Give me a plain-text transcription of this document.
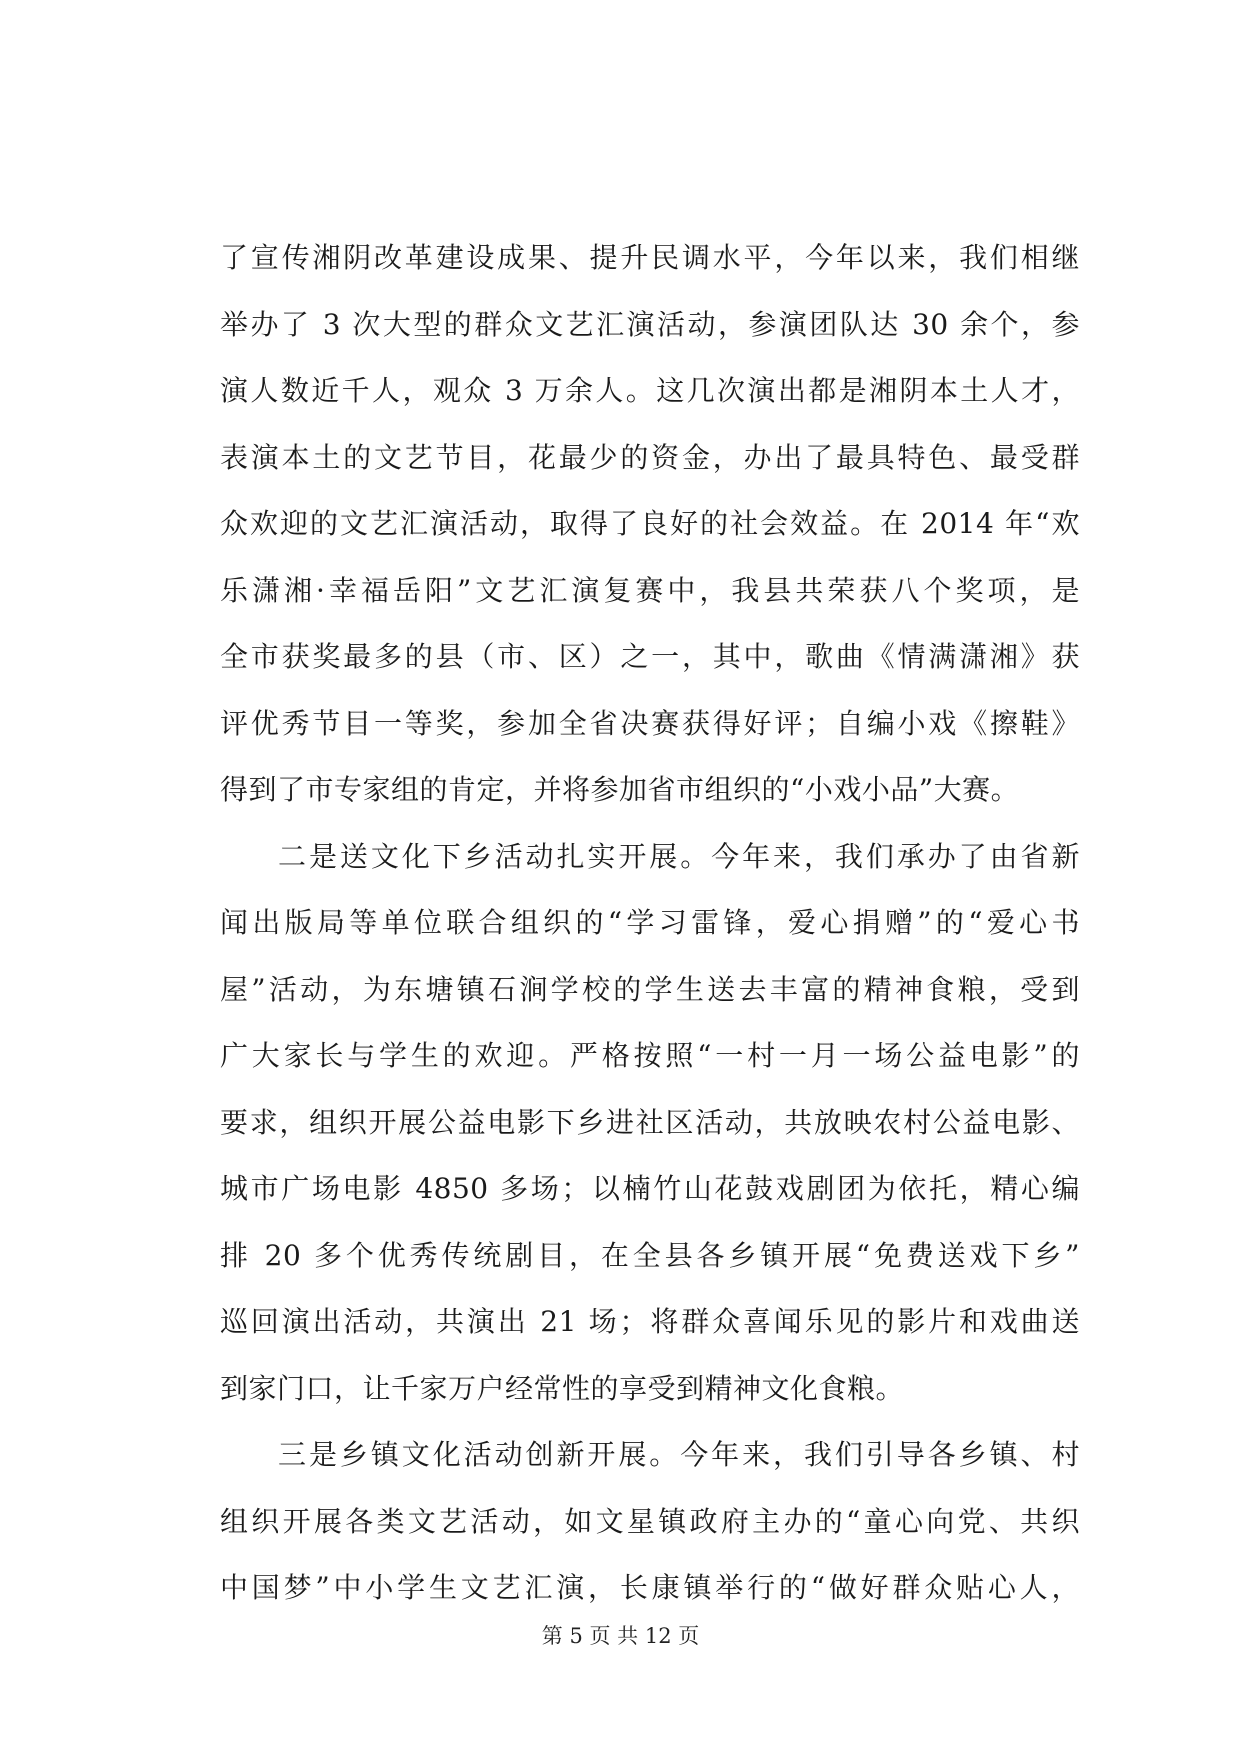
了宣传湘阴改革建设成果、提升民调水平，今年以来，我们相继
举办了 3 次大型的群众文艺汇演活动，参演团队达 30 余个，参
演人数近千人，观众 3 万余人。这几次演出都是湘阴本土人才，
表演本土的文艺节目，花最少的资金，办出了最具特色、最受群
众欢迎的文艺汇演活动，取得了良好的社会效益。在 2014 年“欢
乐潇湘·幸福岳阳”文艺汇演复赛中，我县共荣获八个奖项，是
全市获奖最多的县（市、区）之一，其中，歌曲《情满潇湘》获
评优秀节目一等奖，参加全省决赛获得好评；自编小戏《擦鞋》
得到了市专家组的肯定，并将参加省市组织的“小戏小品”大赛。
二是送文化下乡活动扎实开展。今年来，我们承办了由省新
闻出版局等单位联合组织的“学习雷锋，爱心捐赠”的“爱心书
屋”活动，为东塘镇石涧学校的学生送去丰富的精神食粮，受到
广大家长与学生的欢迎。严格按照“一村一月一场公益电影”的
要求，组织开展公益电影下乡进社区活动，共放映农村公益电影、
城市广场电影 4850 多场；以楠竹山花鼓戏剧团为依托，精心编
排 20 多个优秀传统剧目，在全县各乡镇开展“免费送戏下乡”
巡回演出活动，共演出 21 场；将群众喜闻乐见的影片和戏曲送
到家门口，让千家万户经常性的享受到精神文化食粮。
三是乡镇文化活动创新开展。今年来，我们引导各乡镇、村
组织开展各类文艺活动，如文星镇政府主办的“童心向党、共织
中国梦”中小学生文艺汇演，长康镇举行的“做好群众贴心人，
第 5 页 共 12 页
